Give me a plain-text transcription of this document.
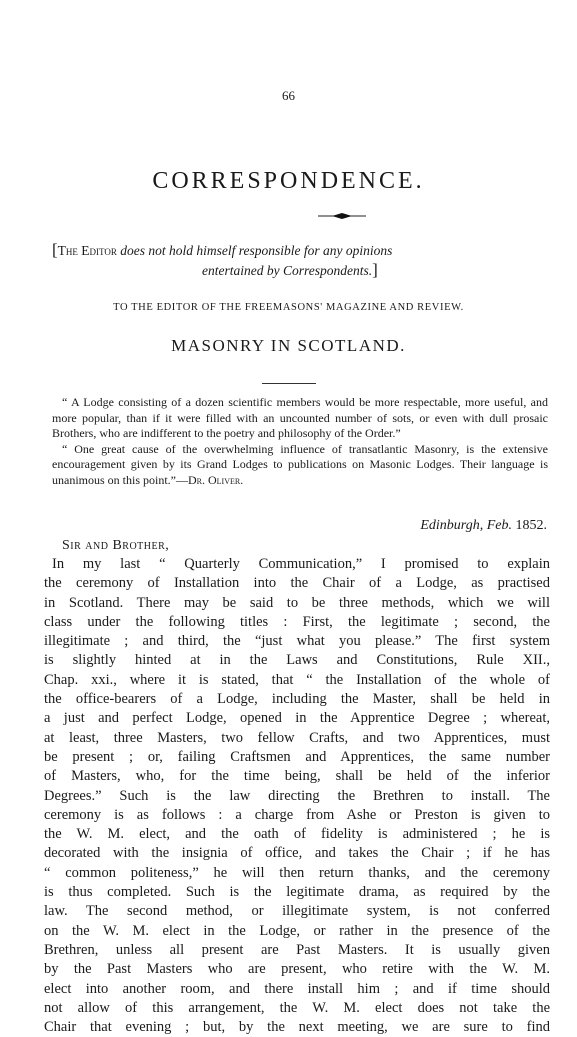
66
CORRESPONDENCE.
[The Editor does not hold himself responsible for any opinions
entertained by Correspondents.]
TO THE EDITOR OF THE FREEMASONS' MAGAZINE AND REVIEW.
MASONRY IN SCOTLAND.

“ A Lodge consisting of a dozen scientific members would be more respectable, more useful, and more popular, than if it were filled with an uncounted number of sots, or even with dull prosaic Brothers, who are indifferent to the poetry and philosophy of the Order.”

“ One great cause of the overwhelming influence of transatlantic Masonry, is the extensive encouragement given by its Grand Lodges to publications on Masonic Lodges. Their language is unanimous on this point.”—Dr. Oliver.

Edinburgh, Feb. 1852.
Sir and Brother,
In my last “ Quarterly Communication,” I promised to explain
the ceremony of Installation into the Chair of a Lodge, as practised
in Scotland. There may be said to be three methods, which we will
class under the following titles : First, the legitimate ; second, the
illegitimate ; and third, the “just what you please.” The first system
is slightly hinted at in the Laws and Constitutions, Rule XII.,
Chap. xxi., where it is stated, that “ the Installation of the whole of
the office-bearers of a Lodge, including the Master, shall be held in
a just and perfect Lodge, opened in the Apprentice Degree ; whereat,
at least, three Masters, two fellow Crafts, and two Apprentices, must
be present ; or, failing Craftsmen and Apprentices, the same number
of Masters, who, for the time being, shall be held of the inferior
Degrees.” Such is the law directing the Brethren to install. The
ceremony is as follows : a charge from Ashe or Preston is given to
the W. M. elect, and the oath of fidelity is administered ; he is
decorated with the insignia of office, and takes the Chair ; if he has
“ common politeness,” he will then return thanks, and the ceremony
is thus completed. Such is the legitimate drama, as required by the
law. The second method, or illegitimate system, is not conferred
on the W. M. elect in the Lodge, or rather in the presence of the
Brethren, unless all present are Past Masters. It is usually given
by the Past Masters who are present, who retire with the W. M.
elect into another room, and there install him ; and if time should
not allow of this arrangement, the W. M. elect does not take the
Chair that evening ; but, by the next meeting, we are sure to find
